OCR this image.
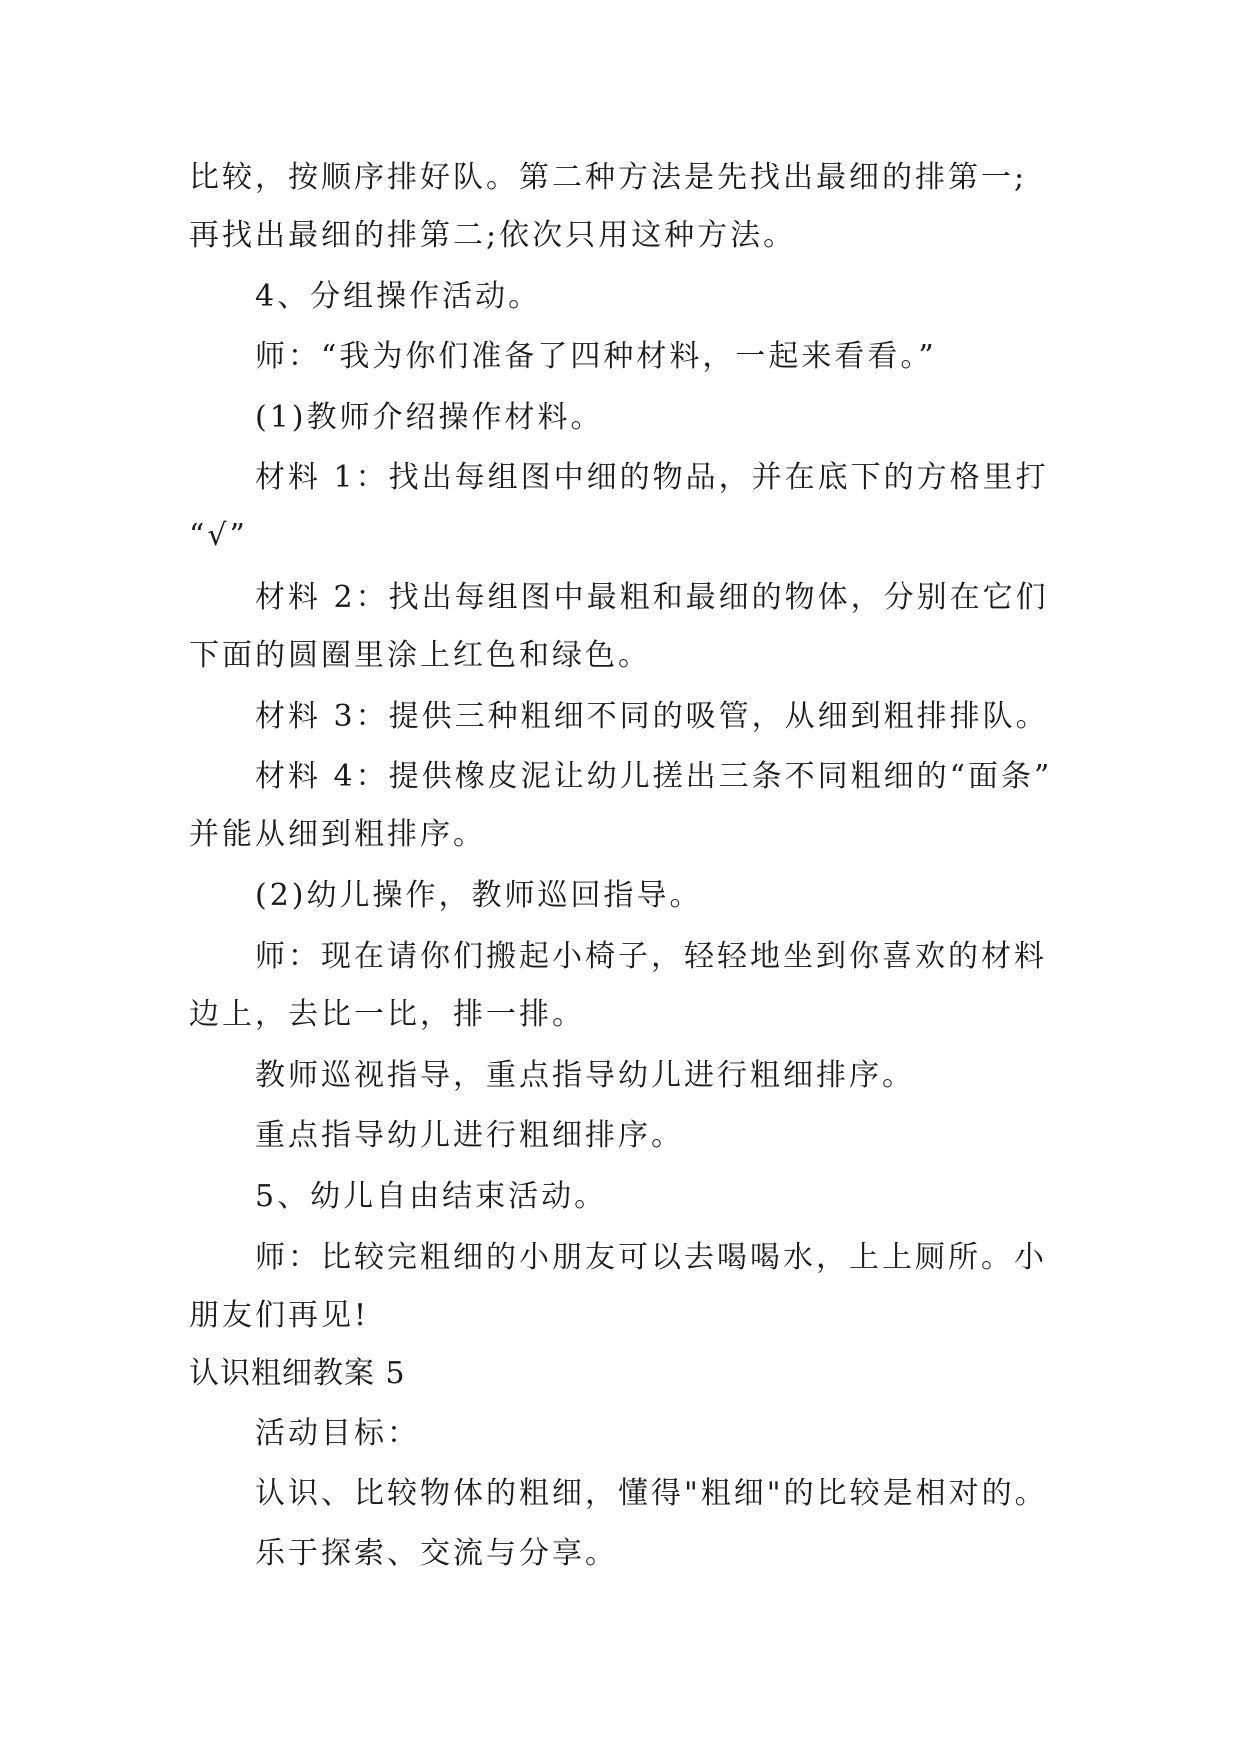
比较，按顺序排好队。第二种方法是先找出最细的排第一;
再找出最细的排第二;依次只用这种方法。
4、分组操作活动。
师：“我为你们准备了四种材料，一起来看看。”
(1)教师介绍操作材料。
材料 1：找出每组图中细的物品，并在底下的方格里打
“√”
材料 2：找出每组图中最粗和最细的物体，分别在它们
下面的圆圈里涂上红色和绿色。
材料 3：提供三种粗细不同的吸管，从细到粗排排队。
材料 4：提供橡皮泥让幼儿搓出三条不同粗细的“面条”
并能从细到粗排序。
(2)幼儿操作，教师巡回指导。
师：现在请你们搬起小椅子，轻轻地坐到你喜欢的材料
边上，去比一比，排一排。
教师巡视指导，重点指导幼儿进行粗细排序。
重点指导幼儿进行粗细排序。
5、幼儿自由结束活动。
师：比较完粗细的小朋友可以去喝喝水，上上厕所。小
朋友们再见!
认识粗细教案 5
活动目标：
认识、比较物体的粗细，懂得"粗细"的比较是相对的。
乐于探索、交流与分享。
